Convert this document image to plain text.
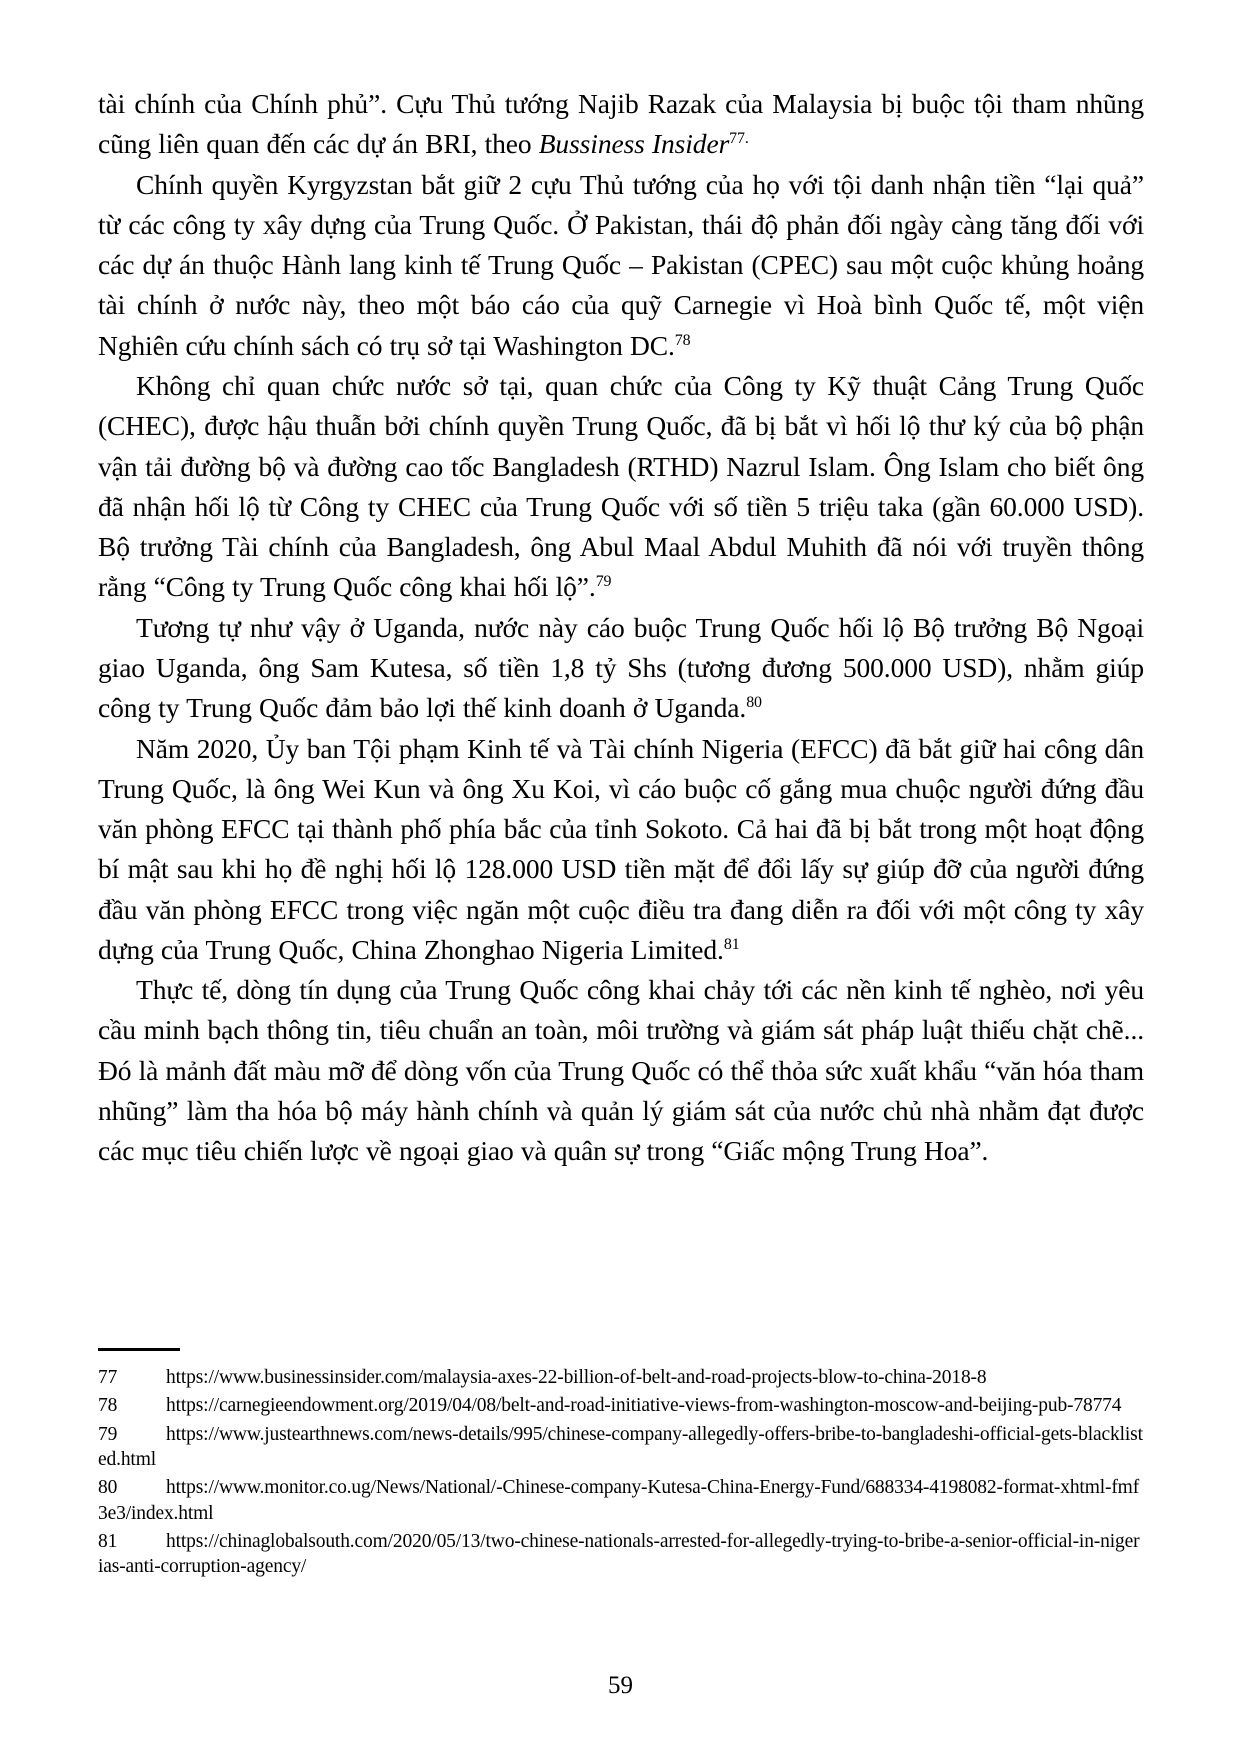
tài chính của Chính phủ”. Cựu Thủ tướng Najib Razak của Malaysia bị buộc tội tham nhũng cũng liên quan đến các dự án BRI, theo Bussiness Insider$^{77.}$

Chính quyền Kyrgyzstan bắt giữ 2 cựu Thủ tướng của họ với tội danh nhận tiền “lại quả” từ các công ty xây dựng của Trung Quốc. Ở Pakistan, thái độ phản đối ngày càng tăng đối với các dự án thuộc Hành lang kinh tế Trung Quốc – Pakistan (CPEC) sau một cuộc khủng hoảng tài chính ở nước này, theo một báo cáo của quỹ Carnegie vì Hoà bình Quốc tế, một viện Nghiên cứu chính sách có trụ sở tại Washington DC.$^{78}$

Không chỉ quan chức nước sở tại, quan chức của Công ty Kỹ thuật Cảng Trung Quốc (CHEC), được hậu thuẫn bởi chính quyền Trung Quốc, đã bị bắt vì hối lộ thư ký của bộ phận vận tải đường bộ và đường cao tốc Bangladesh (RTHD) Nazrul Islam. Ông Islam cho biết ông đã nhận hối lộ từ Công ty CHEC của Trung Quốc với số tiền 5 triệu taka (gần 60.000 USD). Bộ trưởng Tài chính của Bangladesh, ông Abul Maal Abdul Muhith đã nói với truyền thông rằng “Công ty Trung Quốc công khai hối lộ”.$^{79}$

Tương tự như vậy ở Uganda, nước này cáo buộc Trung Quốc hối lộ Bộ trưởng Bộ Ngoại giao Uganda, ông Sam Kutesa, số tiền 1,8 tỷ Shs (tương đương 500.000 USD), nhằm giúp công ty Trung Quốc đảm bảo lợi thế kinh doanh ở Uganda.$^{80}$

Năm 2020, Ủy ban Tội phạm Kinh tế và Tài chính Nigeria (EFCC) đã bắt giữ hai công dân Trung Quốc, là ông Wei Kun và ông Xu Koi, vì cáo buộc cố gắng mua chuộc người đứng đầu văn phòng EFCC tại thành phố phía bắc của tỉnh Sokoto. Cả hai đã bị bắt trong một hoạt động bí mật sau khi họ đề nghị hối lộ 128.000 USD tiền mặt để đổi lấy sự giúp đỡ của người đứng đầu văn phòng EFCC trong việc ngăn một cuộc điều tra đang diễn ra đối với một công ty xây dựng của Trung Quốc, China Zhonghao Nigeria Limited.$^{81}$

Thực tế, dòng tín dụng của Trung Quốc công khai chảy tới các nền kinh tế nghèo, nơi yêu cầu minh bạch thông tin, tiêu chuẩn an toàn, môi trường và giám sát pháp luật thiếu chặt chẽ... Đó là mảnh đất màu mỡ để dòng vốn của Trung Quốc có thể thỏa sức xuất khẩu “văn hóa tham nhũng” làm tha hóa bộ máy hành chính và quản lý giám sát của nước chủ nhà nhằm đạt được các mục tiêu chiến lược về ngoại giao và quân sự trong “Giấc mộng Trung Hoa”.

77	https://www.businessinsider.com/malaysia-axes-22-billion-of-belt-and-road-projects-blow-to-china-2018-8
78	https://carnegieendowment.org/2019/04/08/belt-and-road-initiative-views-from-washington-moscow-and-beijing-pub-78774
79	https://www.justearthnews.com/news-details/995/chinese-company-allegedly-offers-bribe-to-bangladeshi-official-gets-blacklisted.html
80	https://www.monitor.co.ug/News/National/-Chinese-company-Kutesa-China-Energy-Fund/688334-4198082-format-xhtml-fmf3e3/index.html
81	https://chinaglobalsouth.com/2020/05/13/two-chinese-nationals-arrested-for-allegedly-trying-to-bribe-a-senior-official-in-nigerias-anti-corruption-agency/
59
